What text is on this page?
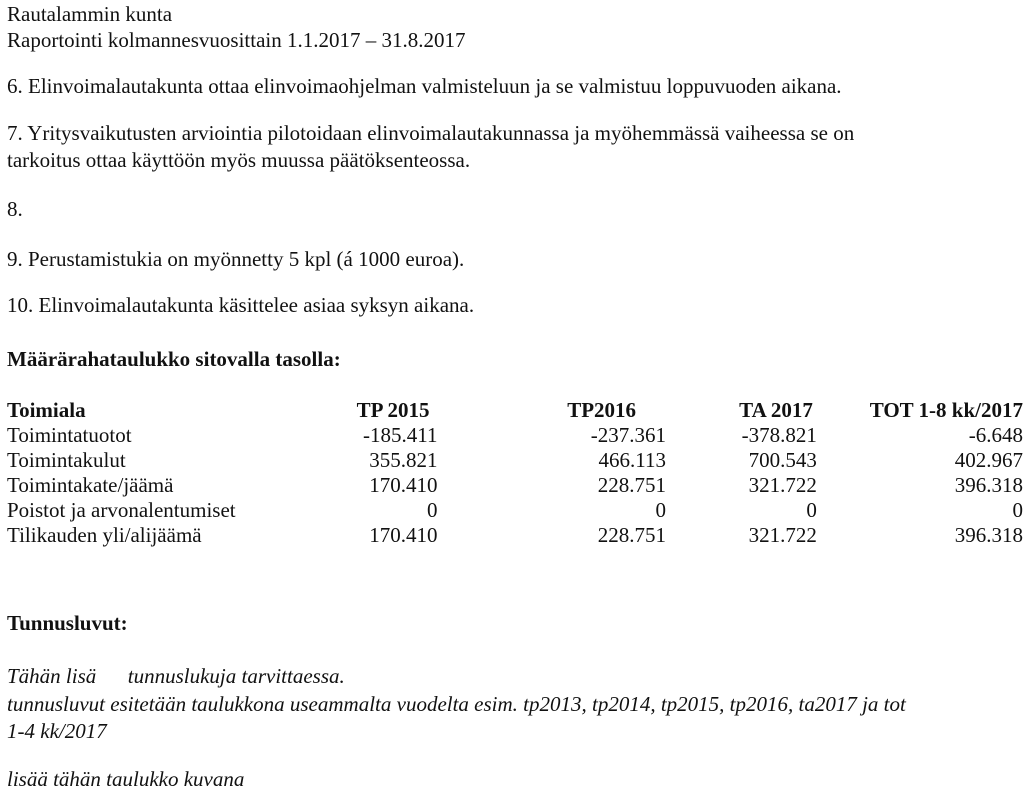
Rautalammin kunta
Raportointi kolmannesvuosittain 1.1.2017 – 31.8.2017
6. Elinvoimalautakunta ottaa elinvoimaohjelman valmisteluun ja se valmistuu loppuvuoden aikana.
7. Yritysvaikutusten arviointia pilotoidaan elinvoimalautakunnassa ja myöhemmässä vaiheessa se on
tarkoitus ottaa käyttöön myös muussa päätöksenteossa.
8.
9. Perustamistukia on myönnetty 5 kpl (á 1000 euroa).
10. Elinvoimalautakunta käsittelee asiaa syksyn aikana.
Määrärahataulukko sitovalla tasolla:
Toimiala	TP 2015	TP2016	TA 2017	TOT 1-8 kk/2017
Toimintatuotot	-185.411	-237.361	-378.821	-6.648
Toimintakulut	355.821	466.113	700.543	402.967
Toimintakate/jäämä	170.410	228.751	321.722	396.318
Poistot ja arvonalentumiset	0	0	0	0
Tilikauden yli/alijäämä	170.410	228.751	321.722	396.318
Tunnusluvut:
Tähän lisä      tunnuslukuja tarvittaessa.
tunnusluvut esitetään taulukkona useammalta vuodelta esim. tp2013, tp2014, tp2015, tp2016, ta2017 ja tot
1-4 kk/2017
lisää tähän taulukko kuvana
